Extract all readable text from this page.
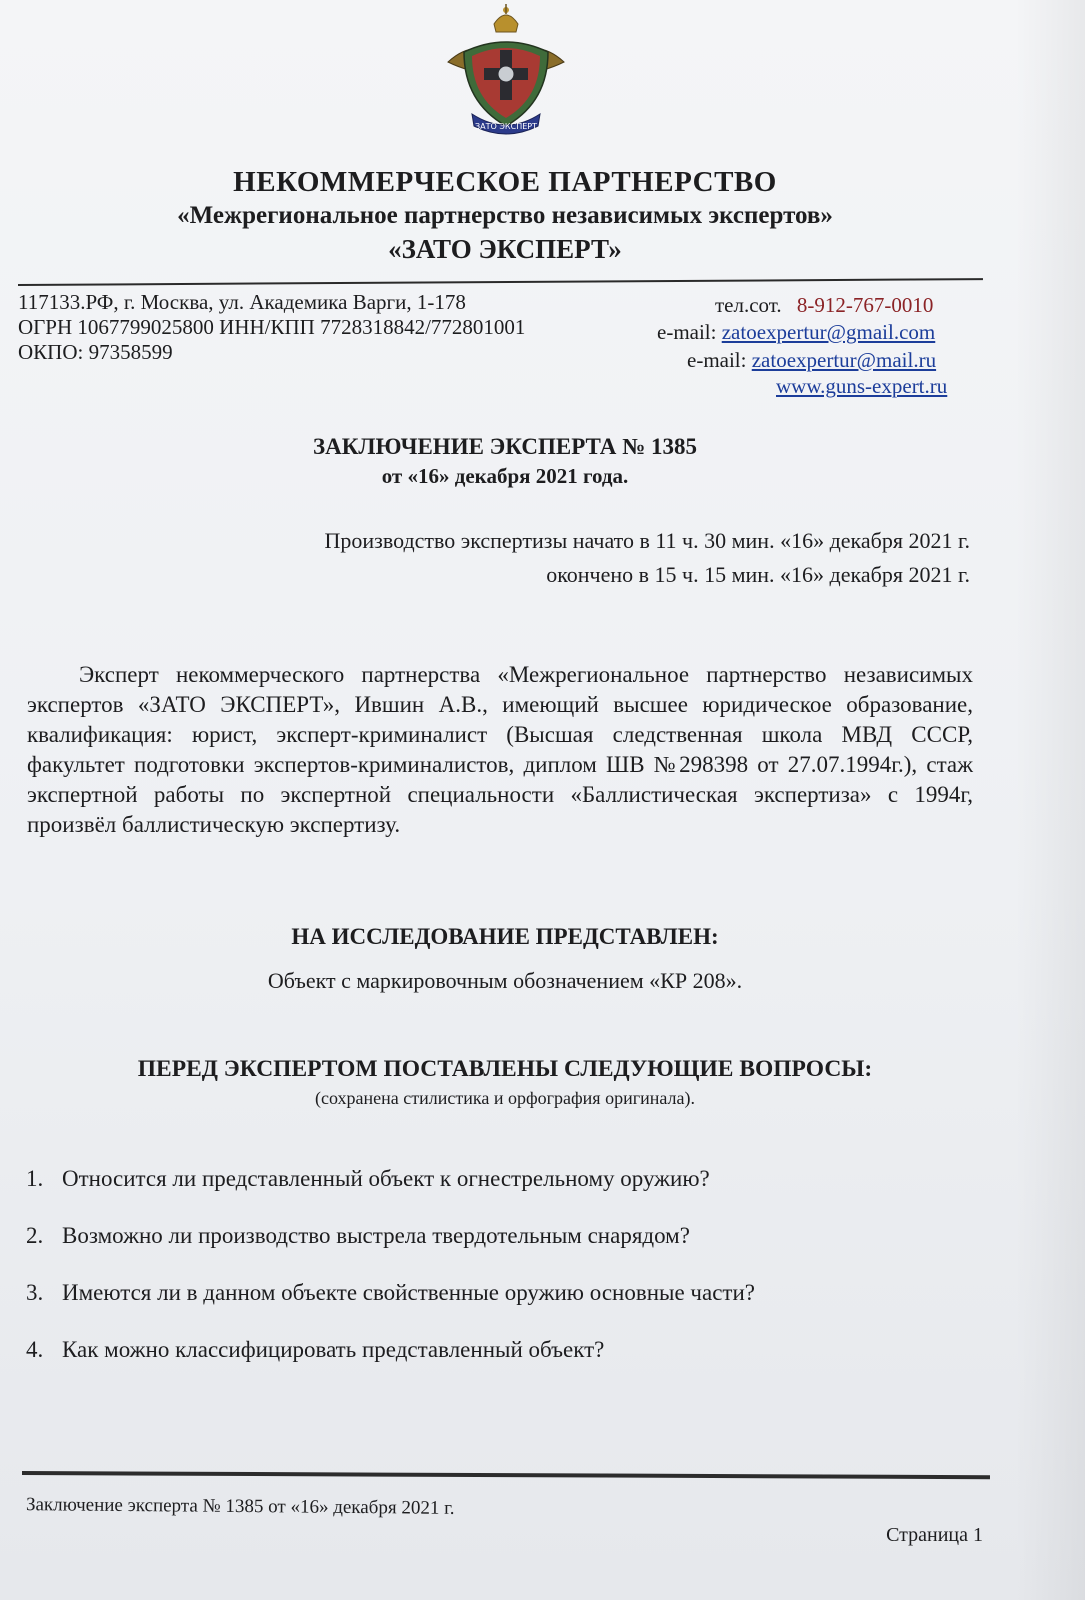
ЗАТО ЭКСПЕРТ
НЕКОММЕРЧЕСКОЕ ПАРТНЕРСТВО
«Межрегиональное партнерство независимых экспертов»
«ЗАТО ЭКСПЕРТ»
117133.РФ, г. Москва, ул. Академика Варги, 1-178
ОГРН 1067799025800 ИНН/КПП 7728318842/772801001
ОКПО: 97358599
тел.сот. 8-912-767-0010
e-mail: zatoexpertur@gmail.com
e-mail: zatoexpertur@mail.ru
www.guns-expert.ru
ЗАКЛЮЧЕНИЕ ЭКСПЕРТА № 1385
от «16» декабря 2021 года.
Производство экспертизы начато в 11 ч. 30 мин. «16» декабря 2021 г.
окончено в 15 ч. 15 мин. «16» декабря 2021 г.
Эксперт некоммерческого партнерства «Межрегиональное партнерство независимых экспертов «ЗАТО ЭКСПЕРТ», Ившин А.В., имеющий высшее юридическое образование, квалификация: юрист, эксперт-криминалист (Высшая следственная школа МВД СССР, факультет подготовки экспертов-криминалистов, диплом ШВ №298398 от 27.07.1994г.), стаж экспертной работы по экспертной специальности «Баллистическая экспертиза» с 1994г, произвёл баллистическую экспертизу.
НА ИССЛЕДОВАНИЕ ПРЕДСТАВЛЕН:
Объект с маркировочным обозначением «КР 208».
ПЕРЕД ЭКСПЕРТОМ ПОСТАВЛЕНЫ СЛЕДУЮЩИЕ ВОПРОСЫ:
(сохранена стилистика и орфография оригинала).
1. Относится ли представленный объект к огнестрельному оружию?
2. Возможно ли производство выстрела твердотельным снарядом?
3. Имеются ли в данном объекте свойственные оружию основные части?
4. Как можно классифицировать представленный объект?
Заключение эксперта № 1385 от «16» декабря 2021 г.
Страница 1
